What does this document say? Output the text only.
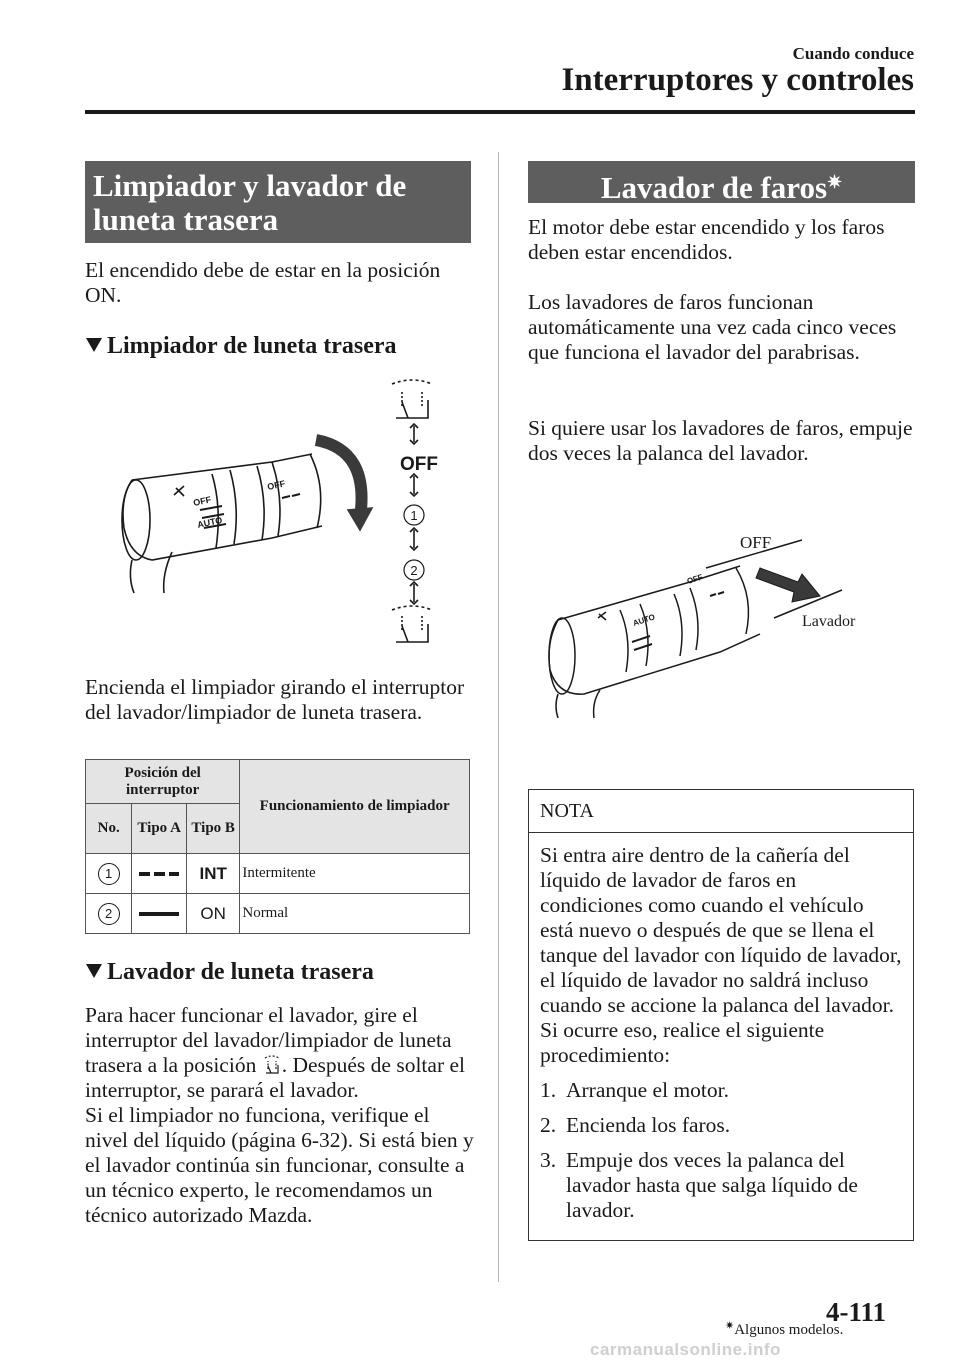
Cuando conduce
Interruptores y controles
Limpiador y lavador de luneta trasera
El encendido debe de estar en la posición ON.
Limpiador de luneta trasera
OFF
1
2
OFF
AUTO
OFF
Encienda el limpiador girando el interruptor del lavador/limpiador de luneta trasera.
Posición del interruptor			Funcionamiento de limpiador
No.	Tipo A	Tipo B	
1		INT	Intermitente
2		ON	Normal
Lavador de luneta trasera
Para hacer funcionar el lavador, gire el interruptor del lavador/limpiador de luneta trasera a la posición . Después de soltar el interruptor, se parará el lavador.
Si el limpiador no funciona, verifique el nivel del líquido (página 6-32). Si está bien y el lavador continúa sin funcionar, consulte a un técnico experto, le recomendamos un técnico autorizado Mazda.
Lavador de faros✷
El motor debe estar encendido y los faros deben estar encendidos.
Los lavadores de faros funcionan automáticamente una vez cada cinco veces que funciona el lavador del parabrisas.
Si quiere usar los lavadores de faros, empuje dos veces la palanca del lavador.
OFF
Lavador
AUTO
OFF
NOTA
Si entra aire dentro de la cañería del líquido de lavador de faros en condiciones como cuando el vehículo está nuevo o después de que se llena el tanque del lavador con líquido de lavador, el líquido de lavador no saldrá incluso cuando se accione la palanca del lavador. Si ocurre eso, realice el siguiente procedimiento:
1. Arranque el motor.
2. Encienda los faros.
3. Empuje dos veces la palanca del lavador hasta que salga líquido de lavador.
✷Algunos modelos.
4-111
carmanualsonline.info
